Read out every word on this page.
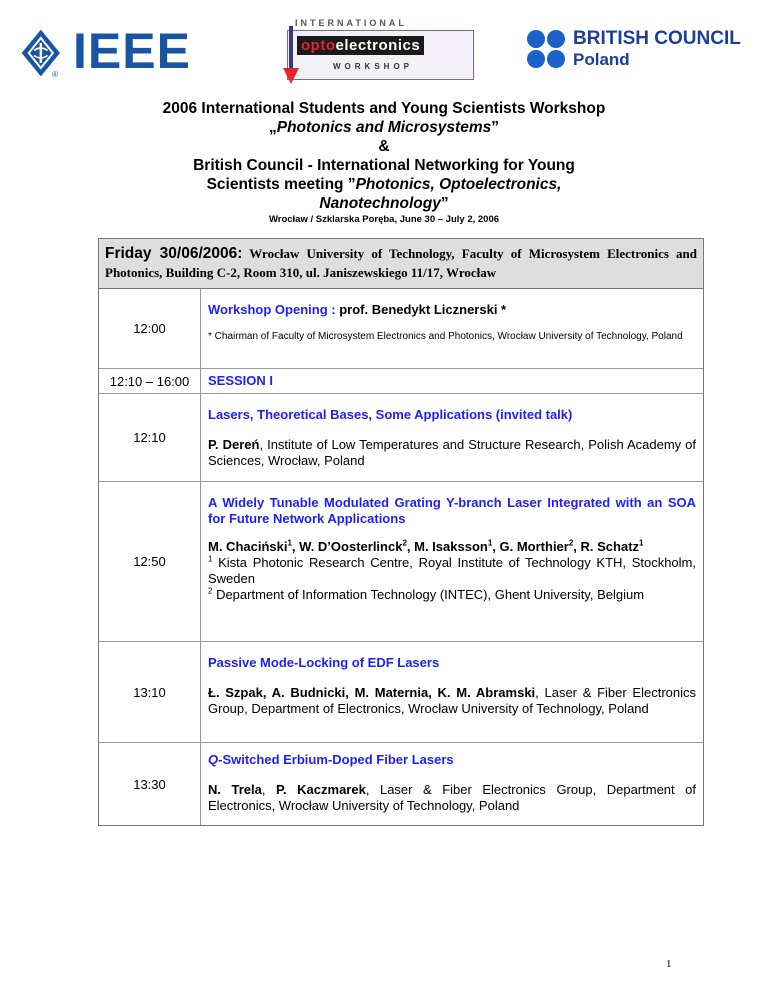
® IEEE	INTERNATIONAL
optoelectronics
WORKSHOP
BRITISH COUNCIL
Poland
2006 International Students and Young Scientists Workshop
„Photonics and Microsystems”
&
British Council - International Networking for Young
Scientists meeting ”Photonics, Optoelectronics,
Nanotechnology”
Wrocław / Szklarska Poręba, June 30 – July 2, 2006
Friday 30/06/2006: Wrocław University of Technology, Faculty of Microsystem Electronics and Photonics, Building C-2, Room 310, ul. Janiszewskiego 11/17, Wrocław
12:00
Workshop Opening : prof. Benedykt Licznerski *
* Chairman of Faculty of Microsystem Electronics and Photonics, Wrocław University of Technology, Poland
12:10 – 16:00	SESSION I
12:10
Lasers, Theoretical Bases, Some Applications (invited talk)
P. Dereń, Institute of Low Temperatures and Structure Research, Polish Academy of Sciences, Wrocław, Poland
12:50
A Widely Tunable Modulated Grating Y-branch Laser Integrated with an SOA for Future Network Applications
M. Chaciński$^1$, W. D’Oosterlinck$^2$, M. Isaksson$^1$, G. Morthier$^2$, R. Schatz$^1$
$^1$ Kista Photonic Research Centre, Royal Institute of Technology KTH, Stockholm, Sweden
$^2$ Department of Information Technology (INTEC), Ghent University, Belgium
13:10
Passive Mode-Locking of EDF Lasers
Ł. Szpak, A. Budnicki, M. Maternia, K. M. Abramski, Laser & Fiber Electronics Group, Department of Electronics, Wrocław University of Technology, Poland
13:30
Q-Switched Erbium-Doped Fiber Lasers
N. Trela, P. Kaczmarek, Laser & Fiber Electronics Group, Department of Electronics, Wrocław University of Technology, Poland
1
